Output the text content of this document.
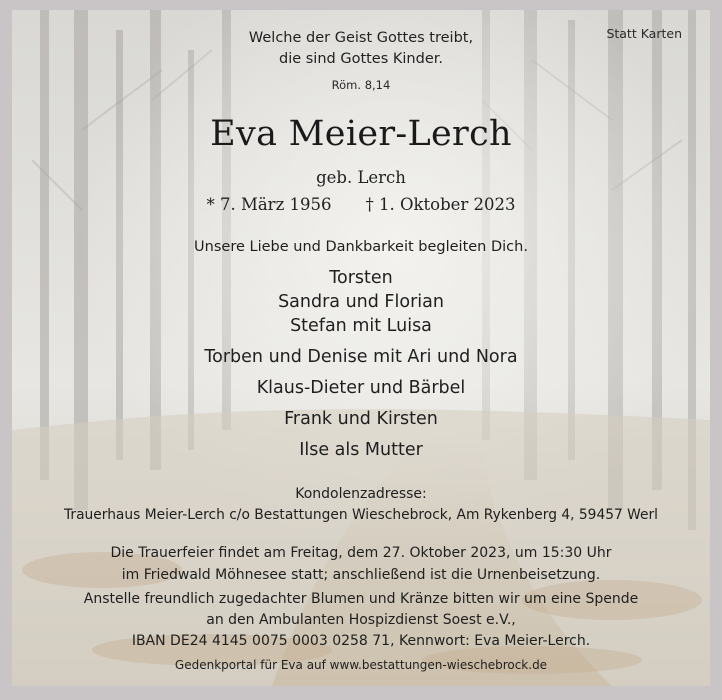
Statt Karten

Welche der Geist Gottes treibt,

die sind Gottes Kinder.

Röm. 8,14

Eva Meier-Lerch

geb. Lerch

* 7. März 1956 † 1. Oktober 2023

Unsere Liebe und Dankbarkeit begleiten Dich.

Torsten

Sandra und Florian

Stefan mit Luisa

Torben und Denise mit Ari und Nora

Klaus-Dieter und Bärbel

Frank und Kirsten

Ilse als Mutter

Kondolenzadresse:

Trauerhaus Meier-Lerch c/o Bestattungen Wieschebrock, Am Rykenberg 4, 59457 Werl

Die Trauerfeier findet am Freitag, dem 27. Oktober 2023, um 15:30 Uhr

im Friedwald Möhnesee statt; anschließend ist die Urnenbeisetzung.

Anstelle freundlich zugedachter Blumen und Kränze bitten wir um eine Spende

an den Ambulanten Hospizdienst Soest e.V.,

IBAN DE24 4145 0075 0003 0258 71, Kennwort: Eva Meier-Lerch.

Gedenkportal für Eva auf www.bestattungen-wieschebrock.de
